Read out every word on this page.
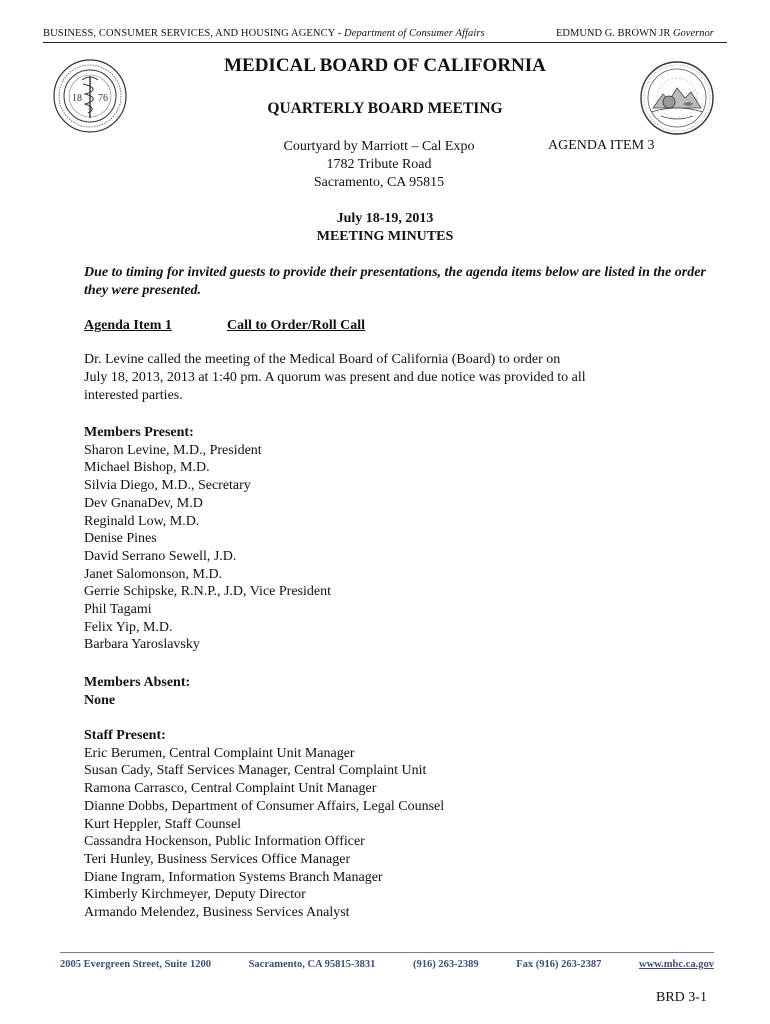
BUSINESS, CONSUMER SERVICES, AND HOUSING AGENCY - Department of Consumer Affairs	EDMUND G. BROWN JR Governor
18 76
MEDICAL BOARD OF CALIFORNIA
QUARTERLY BOARD MEETING
Courtyard by Marriott – Cal Expo
1782 Tribute Road
Sacramento, CA 95815
AGENDA ITEM 3
July 18-19, 2013
MEETING MINUTES
Due to timing for invited guests to provide their presentations, the agenda items below are listed in the order they were presented.
Agenda Item 1	Call to Order/Roll Call
Dr. Levine called the meeting of the Medical Board of California (Board) to order on
July 18, 2013, 2013 at 1:40 pm. A quorum was present and due notice was provided to all
interested parties.
Members Present:
Sharon Levine, M.D., President
Michael Bishop, M.D.
Silvia Diego, M.D., Secretary
Dev GnanaDev, M.D
Reginald Low, M.D.
Denise Pines
David Serrano Sewell, J.D.
Janet Salomonson, M.D.
Gerrie Schipske, R.N.P., J.D, Vice President
Phil Tagami
Felix Yip, M.D.
Barbara Yaroslavsky
Members Absent:
None
Staff Present:
Eric Berumen, Central Complaint Unit Manager
Susan Cady, Staff Services Manager, Central Complaint Unit
Ramona Carrasco, Central Complaint Unit Manager
Dianne Dobbs, Department of Consumer Affairs, Legal Counsel
Kurt Heppler, Staff Counsel
Cassandra Hockenson, Public Information Officer
Teri Hunley, Business Services Office Manager
Diane Ingram, Information Systems Branch Manager
Kimberly Kirchmeyer, Deputy Director
Armando Melendez, Business Services Analyst
2005 Evergreen Street, Suite 1200	Sacramento, CA 95815-3831	(916) 263-2389	Fax (916) 263-2387	www.mbc.ca.gov
BRD 3-1
